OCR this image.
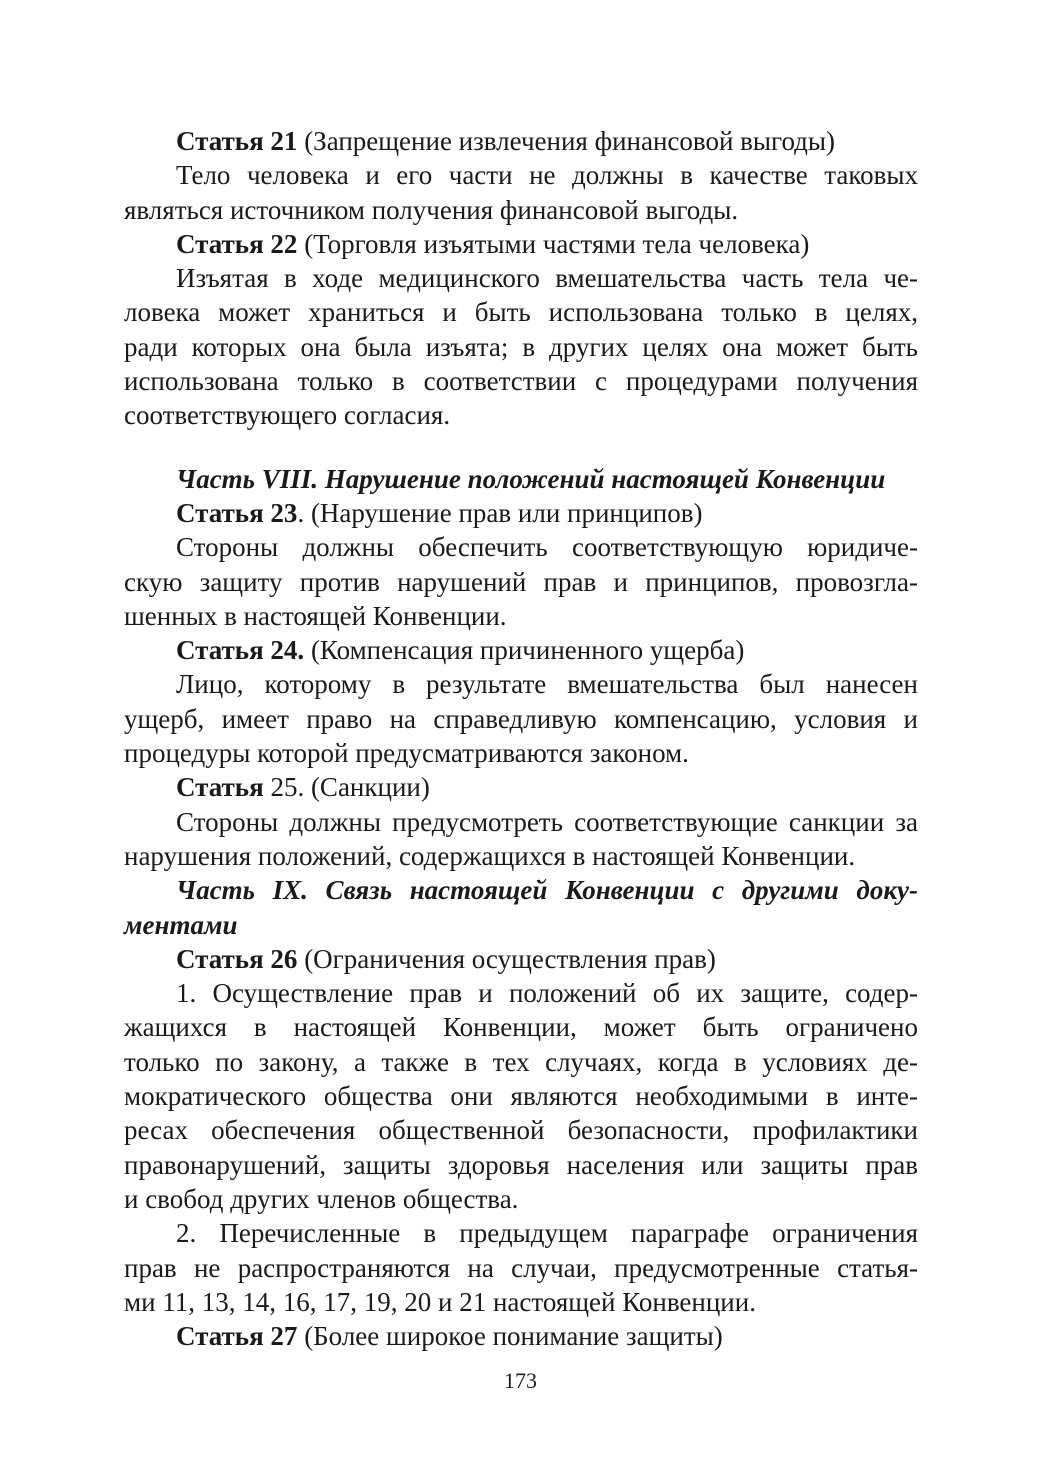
Статья 21 (Запрещение извлечения финансовой выгоды)
Тело человека и его части не должны в качестве таковых
являться источником получения финансовой выгоды.
Статья 22 (Торговля изъятыми частями тела человека)
Изъятая в ходе медицинского вмешательства часть тела че-
ловека может храниться и быть использована только в целях,
ради которых она была изъята; в других целях она может быть
использована только в соответствии с процедурами получения
соответствующего согласия.
Часть VIII. Нарушение положений настоящей Конвенции
Статья 23. (Нарушение прав или принципов)
Стороны должны обеспечить соответствующую юридиче-
скую защиту против нарушений прав и принципов, провозгла-
шенных в настоящей Конвенции.
Статья 24. (Компенсация причиненного ущерба)
Лицо, которому в результате вмешательства был нанесен
ущерб, имеет право на справедливую компенсацию, условия и
процедуры которой предусматриваются законом.
Статья 25. (Санкции)
Стороны должны предусмотреть соответствующие санкции за
нарушения положений, содержащихся в настоящей Конвенции.
Часть IX. Связь настоящей Конвенции с другими доку-
ментами
Статья 26 (Ограничения осуществления прав)
1. Осуществление прав и положений об их защите, содер-
жащихся в настоящей Конвенции, может быть ограничено
только по закону, а также в тех случаях, когда в условиях де-
мократического общества они являются необходимыми в инте-
ресах обеспечения общественной безопасности, профилактики
правонарушений, защиты здоровья населения или защиты прав
и свобод других членов общества.
2. Перечисленные в предыдущем параграфе ограничения
прав не распространяются на случаи, предусмотренные статья-
ми 11, 13, 14, 16, 17, 19, 20 и 21 настоящей Конвенции.
Статья 27 (Более широкое понимание защиты)
173
